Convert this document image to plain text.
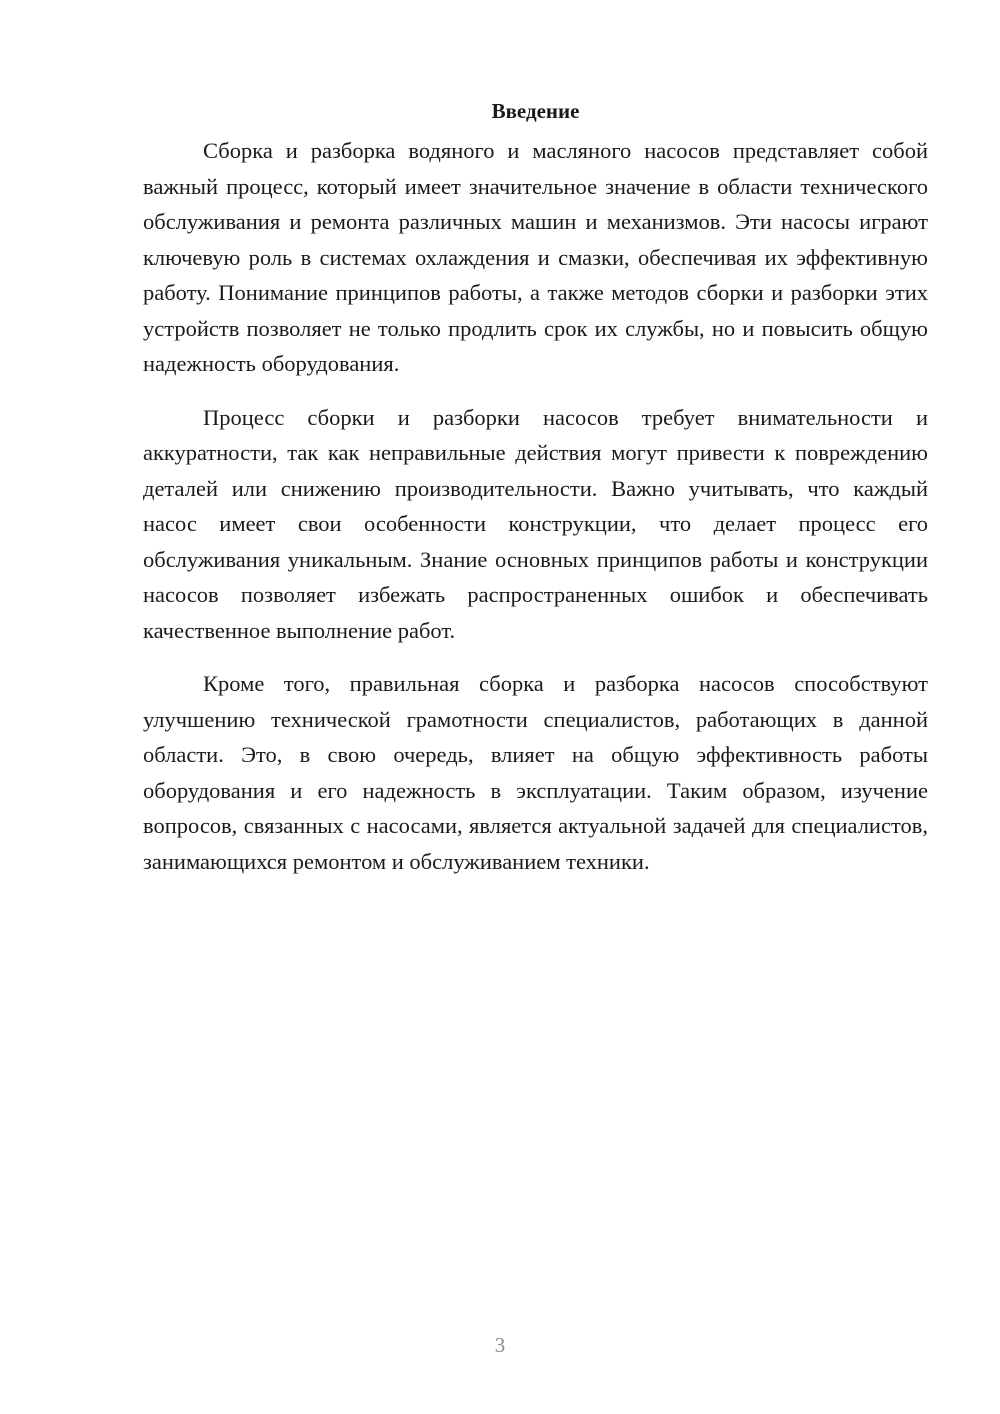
Введение

Сборка и разборка водяного и масляного насосов представляет собой важный процесс, который имеет значительное значение в области технического обслуживания и ремонта различных машин и механизмов. Эти насосы играют ключевую роль в системах охлаждения и смазки, обеспечивая их эффективную работу. Понимание принципов работы, а также методов сборки и разборки этих устройств позволяет не только продлить срок их службы, но и повысить общую надежность оборудования.

Процесс сборки и разборки насосов требует внимательности и аккуратности, так как неправильные действия могут привести к повреждению деталей или снижению производительности. Важно учитывать, что каждый насос имеет свои особенности конструкции, что делает процесс его обслуживания уникальным. Знание основных принципов работы и конструкции насосов позволяет избежать распространенных ошибок и обеспечивать качественное выполнение работ.

Кроме того, правильная сборка и разборка насосов способствуют улучшению технической грамотности специалистов, работающих в данной области. Это, в свою очередь, влияет на общую эффективность работы оборудования и его надежность в эксплуатации. Таким образом, изучение вопросов, связанных с насосами, является актуальной задачей для специалистов, занимающихся ремонтом и обслуживанием техники.

3
